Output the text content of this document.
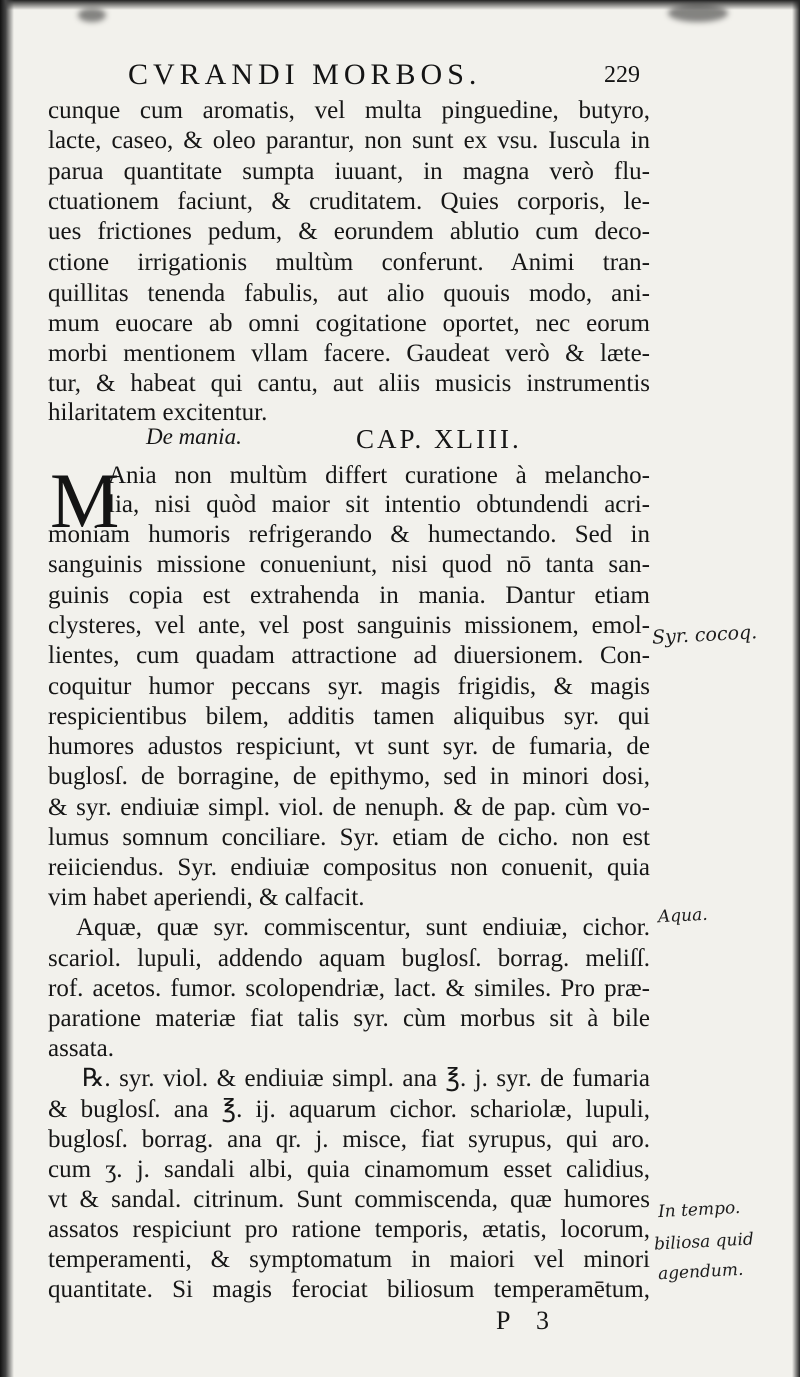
CVRANDI MORBOS.	229
cunque cum aromatis, vel multa pinguedine, butyro,
lacte, caseo, & oleo parantur, non sunt ex vsu. Iuscula in
parua quantitate sumpta iuuant, in magna verò flu-
ctuationem faciunt, & cruditatem. Quies corporis, le-
ues frictiones pedum, & eorundem ablutio cum deco-
ctione irrigationis multùm conferunt. Animi tran-
quillitas tenenda fabulis, aut alio quouis modo, ani-
mum euocare ab omni cogitatione oportet, nec eorum
morbi mentionem vllam facere. Gaudeat verò & læte-
tur, & habeat qui cantu, aut aliis musicis instrumentis
hilaritatem excitentur.
De mania.	CAP. XLIII.
M
Ania non multùm differt curatione à melancho-
lia, nisi quòd maior sit intentio obtundendi acri-
moniam humoris refrigerando & humectando. Sed in
sanguinis missione conueniunt, nisi quod nō tanta san-
guinis copia est extrahenda in mania. Dantur etiam
clysteres, vel ante, vel post sanguinis missionem, emol-
lientes, cum quadam attractione ad diuersionem. Con-
coquitur humor peccans syr. magis frigidis, & magis
respicientibus bilem, additis tamen aliquibus syr. qui
humores adustos respiciunt, vt sunt syr. de fumaria, de
buglosſ. de borragine, de epithymo, sed in minori dosi,
& syr. endiuiæ simpl. viol. de nenuph. & de pap. cùm vo-
lumus somnum conciliare. Syr. etiam de cicho. non est
reiiciendus. Syr. endiuiæ compositus non conuenit, quia
vim habet aperiendi, & calfacit.
Aquæ, quæ syr. commiscentur, sunt endiuiæ, cichor.
scariol. lupuli, addendo aquam buglosſ. borrag. meliſſ.
rof. acetos. fumor. scolopendriæ, lact. & similes. Pro præ-
paratione materiæ fiat talis syr. cùm morbus sit à bile
assata.
℞. syr. viol. & endiuiæ simpl. ana ℥. j. syr. de fumaria
& buglosſ. ana ℥. ij. aquarum cichor. schariolæ, lupuli,
buglosſ. borrag. ana qr. j. misce, fiat syrupus, qui aro.
cum ʒ. j. sandali albi, quia cinamomum esset calidius,
vt & sandal. citrinum. Sunt commiscenda, quæ humores
assatos respiciunt pro ratione temporis, ætatis, locorum,
temperamenti, & symptomatum in maiori vel minori
quantitate. Si magis ferociat biliosum temperamētum,
Syr. cocoq.
Aqua.
In tempo.
biliosa quid
agendum.
P 3
